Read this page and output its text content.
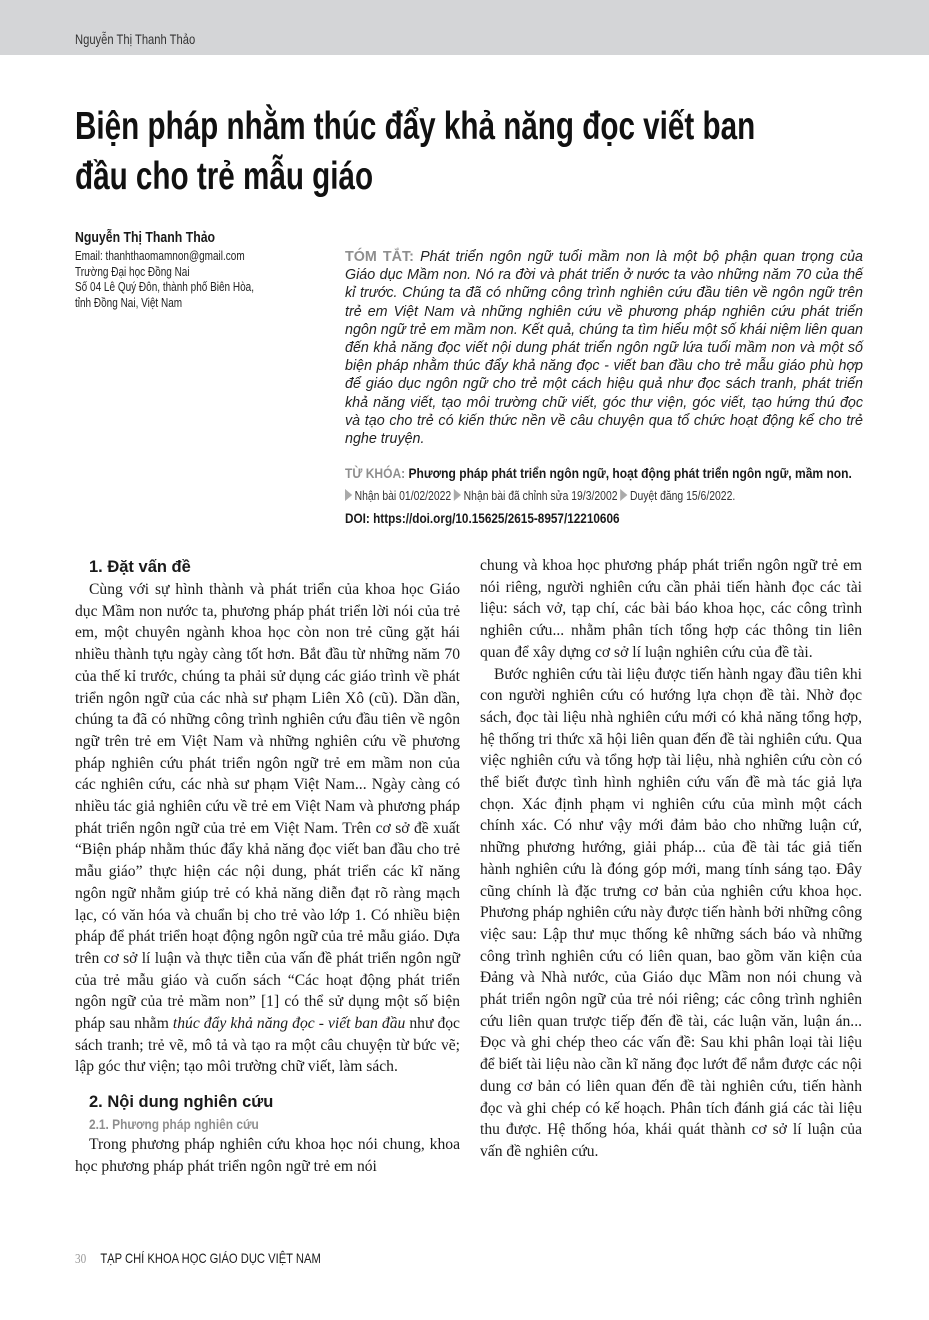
Nguyễn Thị Thanh Thảo
Biện pháp nhằm thúc đẩy khả năng đọc viết ban đầu cho trẻ mẫu giáo
Nguyễn Thị Thanh Thảo
Email: thanhthaomamnon@gmail.com
Trường Đại học Đồng Nai
Số 04 Lê Quý Đôn, thành phố Biên Hòa,
tỉnh Đồng Nai, Việt Nam
TÓM TẮT: Phát triển ngôn ngữ tuổi mầm non là một bộ phận quan trọng của Giáo dục Mầm non. Nó ra đời và phát triển ở nước ta vào những năm 70 của thế kỉ trước. Chúng ta đã có những công trình nghiên cứu đầu tiên về ngôn ngữ trên trẻ em Việt Nam và những nghiên cứu về phương pháp nghiên cứu phát triển ngôn ngữ trẻ em mầm non. Kết quả, chúng ta tìm hiểu một số khái niệm liên quan đến khả năng đọc viết nội dung phát triển ngôn ngữ lứa tuổi mầm non và một số biện pháp nhằm thúc đẩy khả năng đọc - viết ban đầu cho trẻ mẫu giáo phù hợp để giáo dục ngôn ngữ cho trẻ một cách hiệu quả như đọc sách tranh, phát triển khả năng viết, tạo môi trường chữ viết, góc thư viện, góc viết, tạo hứng thú đọc và tạo cho trẻ có kiến thức nền về câu chuyện qua tổ chức hoạt động kể cho trẻ nghe truyện.
TỪ KHÓA: Phương pháp phát triển ngôn ngữ, hoạt động phát triển ngôn ngữ, mầm non.
Nhận bài 01/02/2022 Nhận bài đã chỉnh sửa 19/3/2002 Duyệt đăng 15/6/2022.
DOI: https://doi.org/10.15625/2615-8957/12210606
1. Đặt vấn đề

Cùng với sự hình thành và phát triển của khoa học Giáo dục Mầm non nước ta, phương pháp phát triển lời nói của trẻ em, một chuyên ngành khoa học còn non trẻ cũng gặt hái nhiều thành tựu ngày càng tốt hơn. Bắt đầu từ những năm 70 của thế kỉ trước, chúng ta phải sử dụng các giáo trình về phát triển ngôn ngữ của các nhà sư phạm Liên Xô (cũ). Dần dần, chúng ta đã có những công trình nghiên cứu đầu tiên về ngôn ngữ trên trẻ em Việt Nam và những nghiên cứu về phương pháp nghiên cứu phát triển ngôn ngữ trẻ em mầm non của các nghiên cứu, các nhà sư phạm Việt Nam... Ngày càng có nhiều tác giả nghiên cứu về trẻ em Việt Nam và phương pháp phát triển ngôn ngữ của trẻ em Việt Nam. Trên cơ sở đề xuất “Biện pháp nhằm thúc đẩy khả năng đọc viết ban đầu cho trẻ mẫu giáo” thực hiện các nội dung, phát triển các kĩ năng ngôn ngữ nhằm giúp trẻ có khả năng diễn đạt rõ ràng mạch lạc, có văn hóa và chuẩn bị cho trẻ vào lớp 1. Có nhiều biện pháp để phát triển hoạt động ngôn ngữ của trẻ mẫu giáo. Dựa trên cơ sở lí luận và thực tiễn của vấn đề phát triển ngôn ngữ của trẻ mẫu giáo và cuốn sách “Các hoạt động phát triển ngôn ngữ của trẻ mầm non” [1] có thể sử dụng một số biện pháp sau nhằm thúc đẩy khả năng đọc - viết ban đầu như đọc sách tranh; trẻ vẽ, mô tả và tạo ra một câu chuyện từ bức vẽ; lập góc thư viện; tạo môi trường chữ viết, làm sách.

2. Nội dung nghiên cứu
2.1. Phương pháp nghiên cứu

Trong phương pháp nghiên cứu khoa học nói chung, khoa học phương pháp phát triển ngôn ngữ trẻ em nói

chung và khoa học phương pháp phát triển ngôn ngữ trẻ em nói riêng, người nghiên cứu cần phải tiến hành đọc các tài liệu: sách vở, tạp chí, các bài báo khoa học, các công trình nghiên cứu... nhằm phân tích tổng hợp các thông tin liên quan để xây dựng cơ sở lí luận nghiên cứu của đề tài.

Bước nghiên cứu tài liệu được tiến hành ngay đầu tiên khi con người nghiên cứu có hướng lựa chọn đề tài. Nhờ đọc sách, đọc tài liệu nhà nghiên cứu mới có khả năng tổng hợp, hệ thống tri thức xã hội liên quan đến đề tài nghiên cứu. Qua việc nghiên cứu và tổng hợp tài liệu, nhà nghiên cứu còn có thể biết được tình hình nghiên cứu vấn đề mà tác giả lựa chọn. Xác định phạm vi nghiên cứu của mình một cách chính xác. Có như vậy mới đảm bảo cho những luận cứ, những phương hướng, giải pháp... của đề tài tác giả tiến hành nghiên cứu là đóng góp mới, mang tính sáng tạo. Đây cũng chính là đặc trưng cơ bản của nghiên cứu khoa học. Phương pháp nghiên cứu này được tiến hành bởi những công việc sau: Lập thư mục thống kê những sách báo và những công trình nghiên cứu có liên quan, bao gồm văn kiện của Đảng và Nhà nước, của Giáo dục Mầm non nói chung và phát triển ngôn ngữ của trẻ nói riêng; các công trình nghiên cứu liên quan trược tiếp đến đề tài, các luận văn, luận án... Đọc và ghi chép theo các vấn đề: Sau khi phân loại tài liệu để biết tài liệu nào cần kĩ năng đọc lướt để nắm được các nội dung cơ bản có liên quan đến đề tài nghiên cứu, tiến hành đọc và ghi chép có kế hoạch. Phân tích đánh giá các tài liệu thu được. Hệ thống hóa, khái quát thành cơ sở lí luận của vấn đề nghiên cứu.

30 TẠP CHÍ KHOA HỌC GIÁO DỤC VIỆT NAM
